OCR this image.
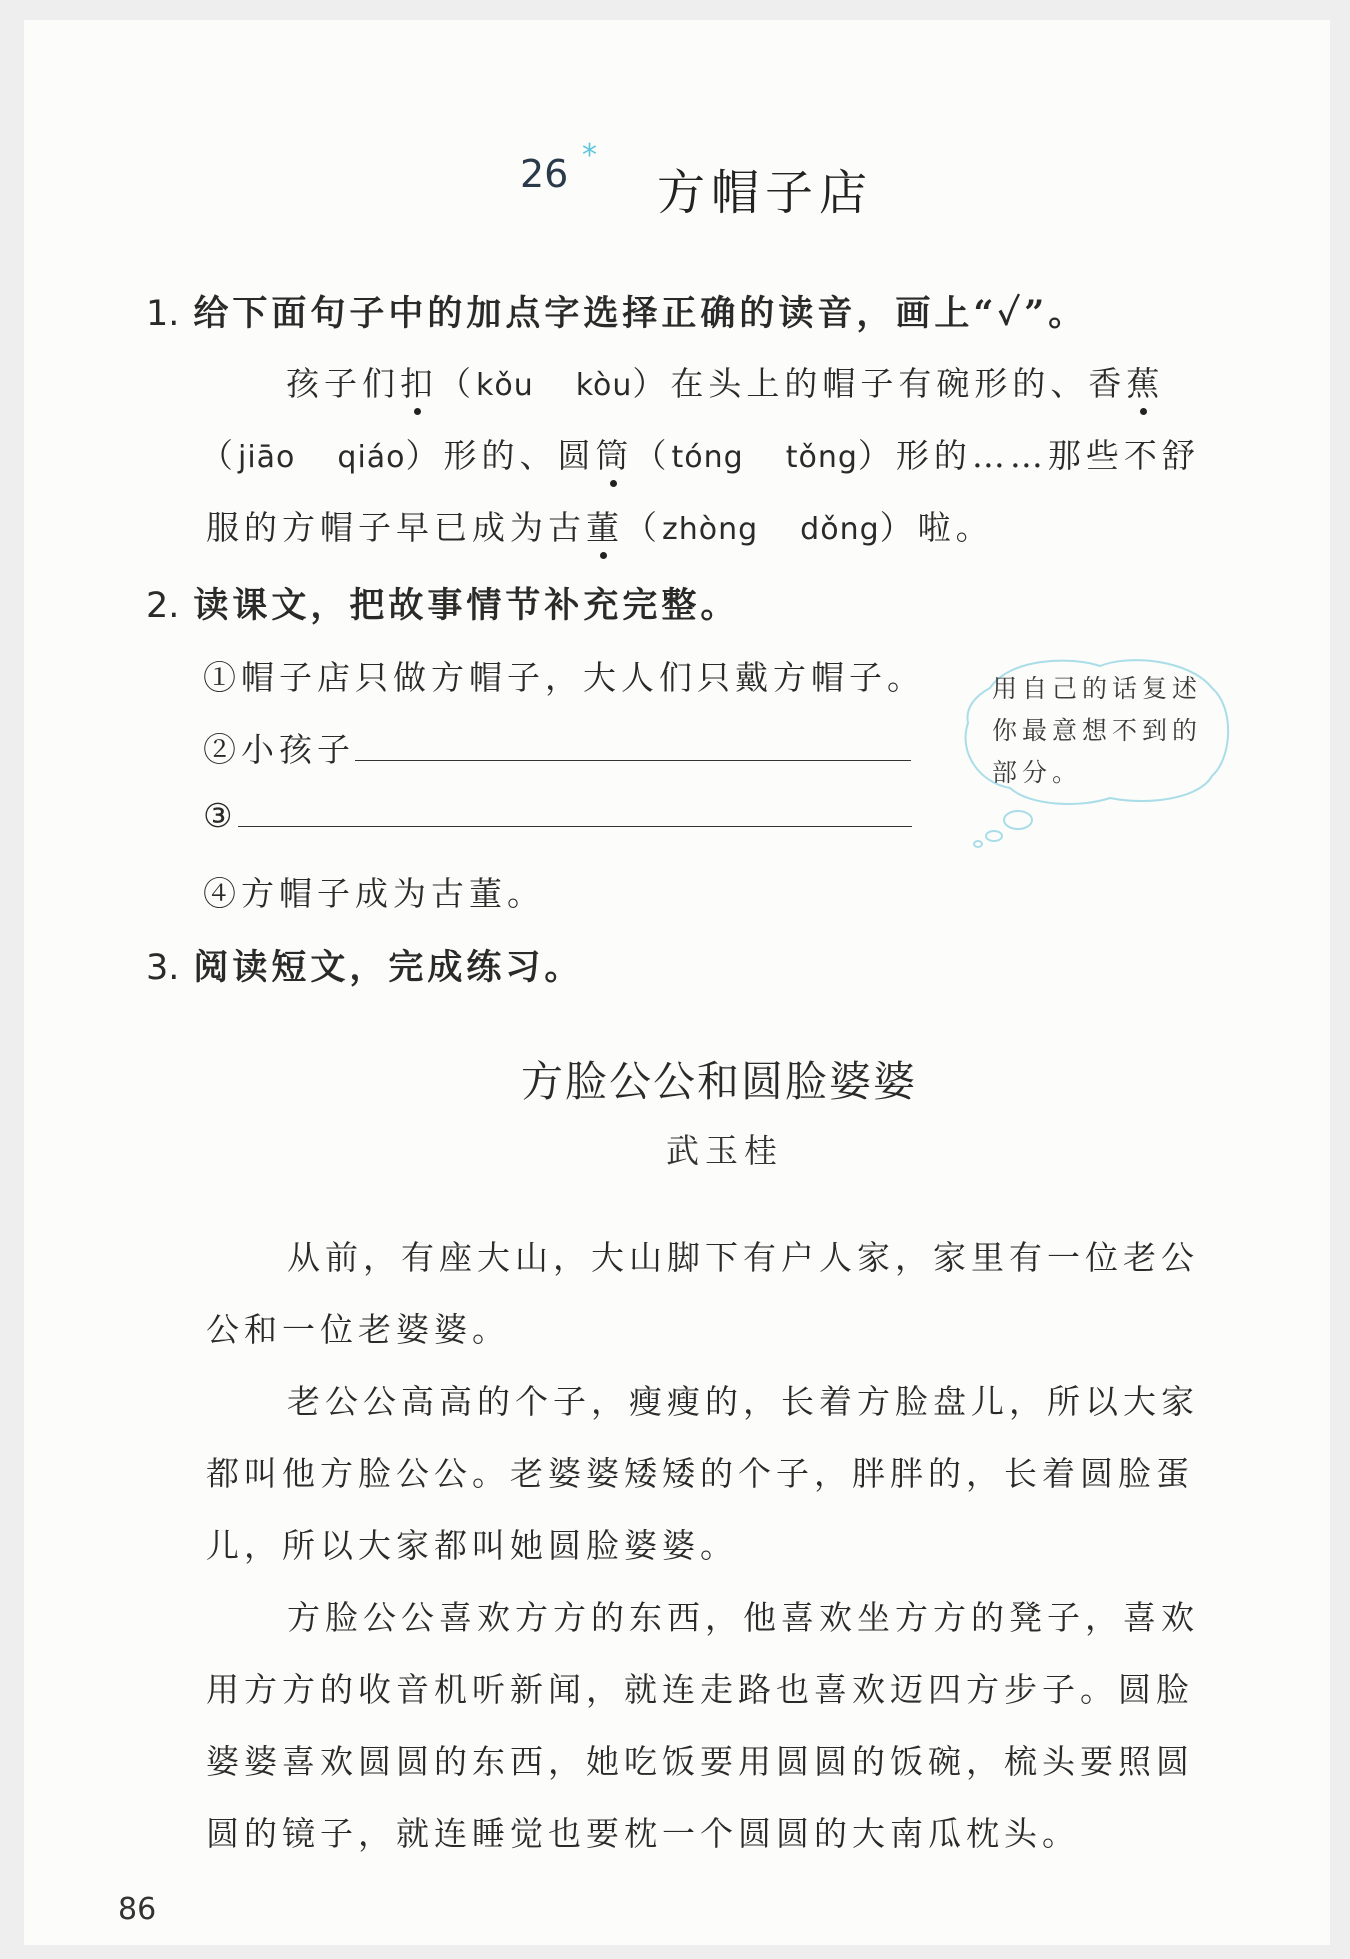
26 *
方帽子店
1. 给下面句子中的加点字选择正确的读音，画上“✓”。
孩子们扣（kǒu kòu）在头上的帽子有碗形的、香蕉
（jiāo qiáo）形的、圆筒（tóng tǒng）形的……那些不舒
服的方帽子早已成为古董（zhòng dǒng）啦。
2. 读课文，把故事情节补充完整。
①帽子店只做方帽子，大人们只戴方帽子。
②小孩子
③
④方帽子成为古董。
用自己的话复述你最意想不到的部分。
3. 阅读短文，完成练习。
方脸公公和圆脸婆婆
武玉桂
从前，有座大山，大山脚下有户人家，家里有一位老公
公和一位老婆婆。
老公公高高的个子，瘦瘦的，长着方脸盘儿，所以大家
都叫他方脸公公。老婆婆矮矮的个子，胖胖的，长着圆脸蛋
儿，所以大家都叫她圆脸婆婆。
方脸公公喜欢方方的东西，他喜欢坐方方的凳子，喜欢
用方方的收音机听新闻，就连走路也喜欢迈四方步子。圆脸
婆婆喜欢圆圆的东西，她吃饭要用圆圆的饭碗，梳头要照圆
圆的镜子，就连睡觉也要枕一个圆圆的大南瓜枕头。
86
